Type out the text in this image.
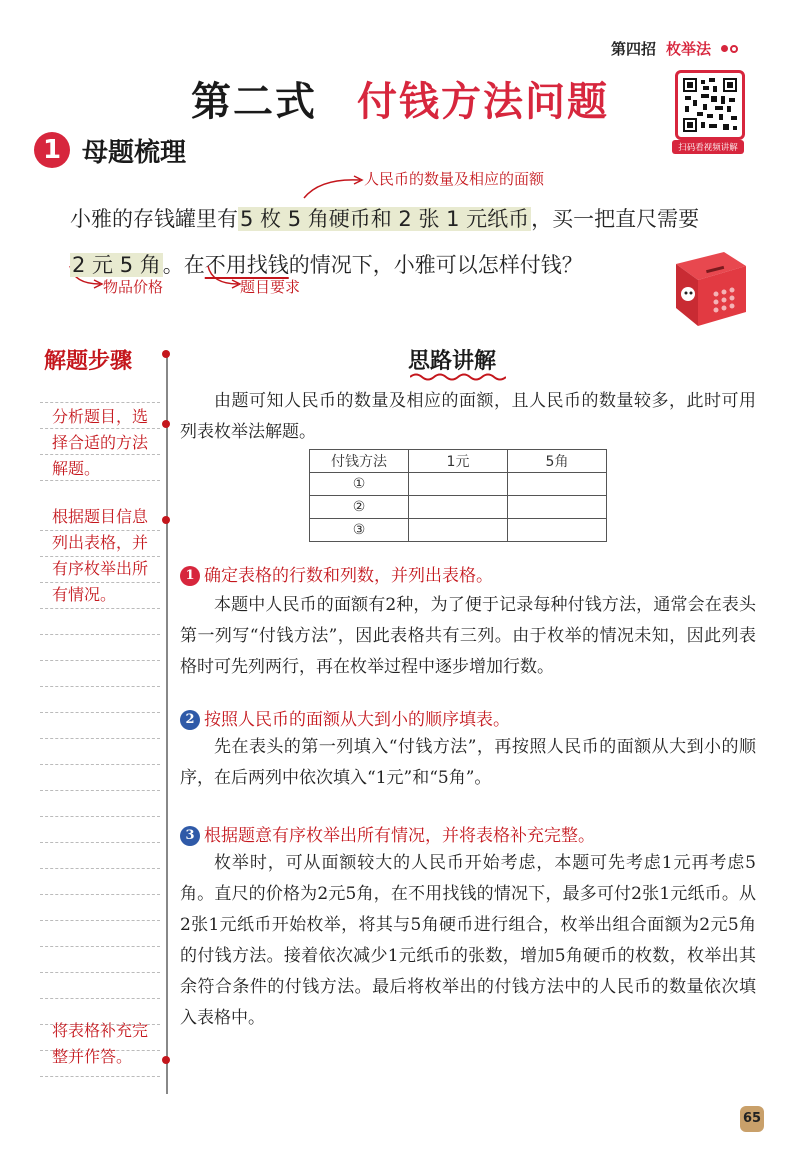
第四招 枚举法
第二式 付钱方法问题
扫码看视频讲解
1 母题梳理
人民币的数量及相应的面额
物品价格	题目要求
小雅的存钱罐里有5 枚 5 角硬币和 2 张 1 元纸币，买一把直尺需要
2 元 5 角。在不用找钱的情况下，小雅可以怎样付钱？
解题步骤
分析题目，选择合适的方法解题。
根据题目信息列出表格，并有序枚举出所有情况。
将表格补充完整并作答。
思路讲解
由题可知人民币的数量及相应的面额，且人民币的数量较多，此时可用列表枚举法解题。
付钱方法	1元	5角
①		
②		
③		
1 确定表格的行数和列数，并列出表格。
本题中人民币的面额有2种，为了便于记录每种付钱方法，通常会在表头第一列写“付钱方法”，因此表格共有三列。由于枚举的情况未知，因此列表格时可先列两行，再在枚举过程中逐步增加行数。
2 按照人民币的面额从大到小的顺序填表。
先在表头的第一列填入“付钱方法”，再按照人民币的面额从大到小的顺序，在后两列中依次填入“1元”和“5角”。
3 根据题意有序枚举出所有情况，并将表格补充完整。
枚举时，可从面额较大的人民币开始考虑，本题可先考虑1元再考虑5角。直尺的价格为2元5角，在不用找钱的情况下，最多可付2张1元纸币。从2张1元纸币开始枚举，将其与5角硬币进行组合，枚举出组合面额为2元5角的付钱方法。接着依次减少1元纸币的张数，增加5角硬币的枚数，枚举出其余符合条件的付钱方法。最后将枚举出的付钱方法中的人民币的数量依次填入表格中。
65
